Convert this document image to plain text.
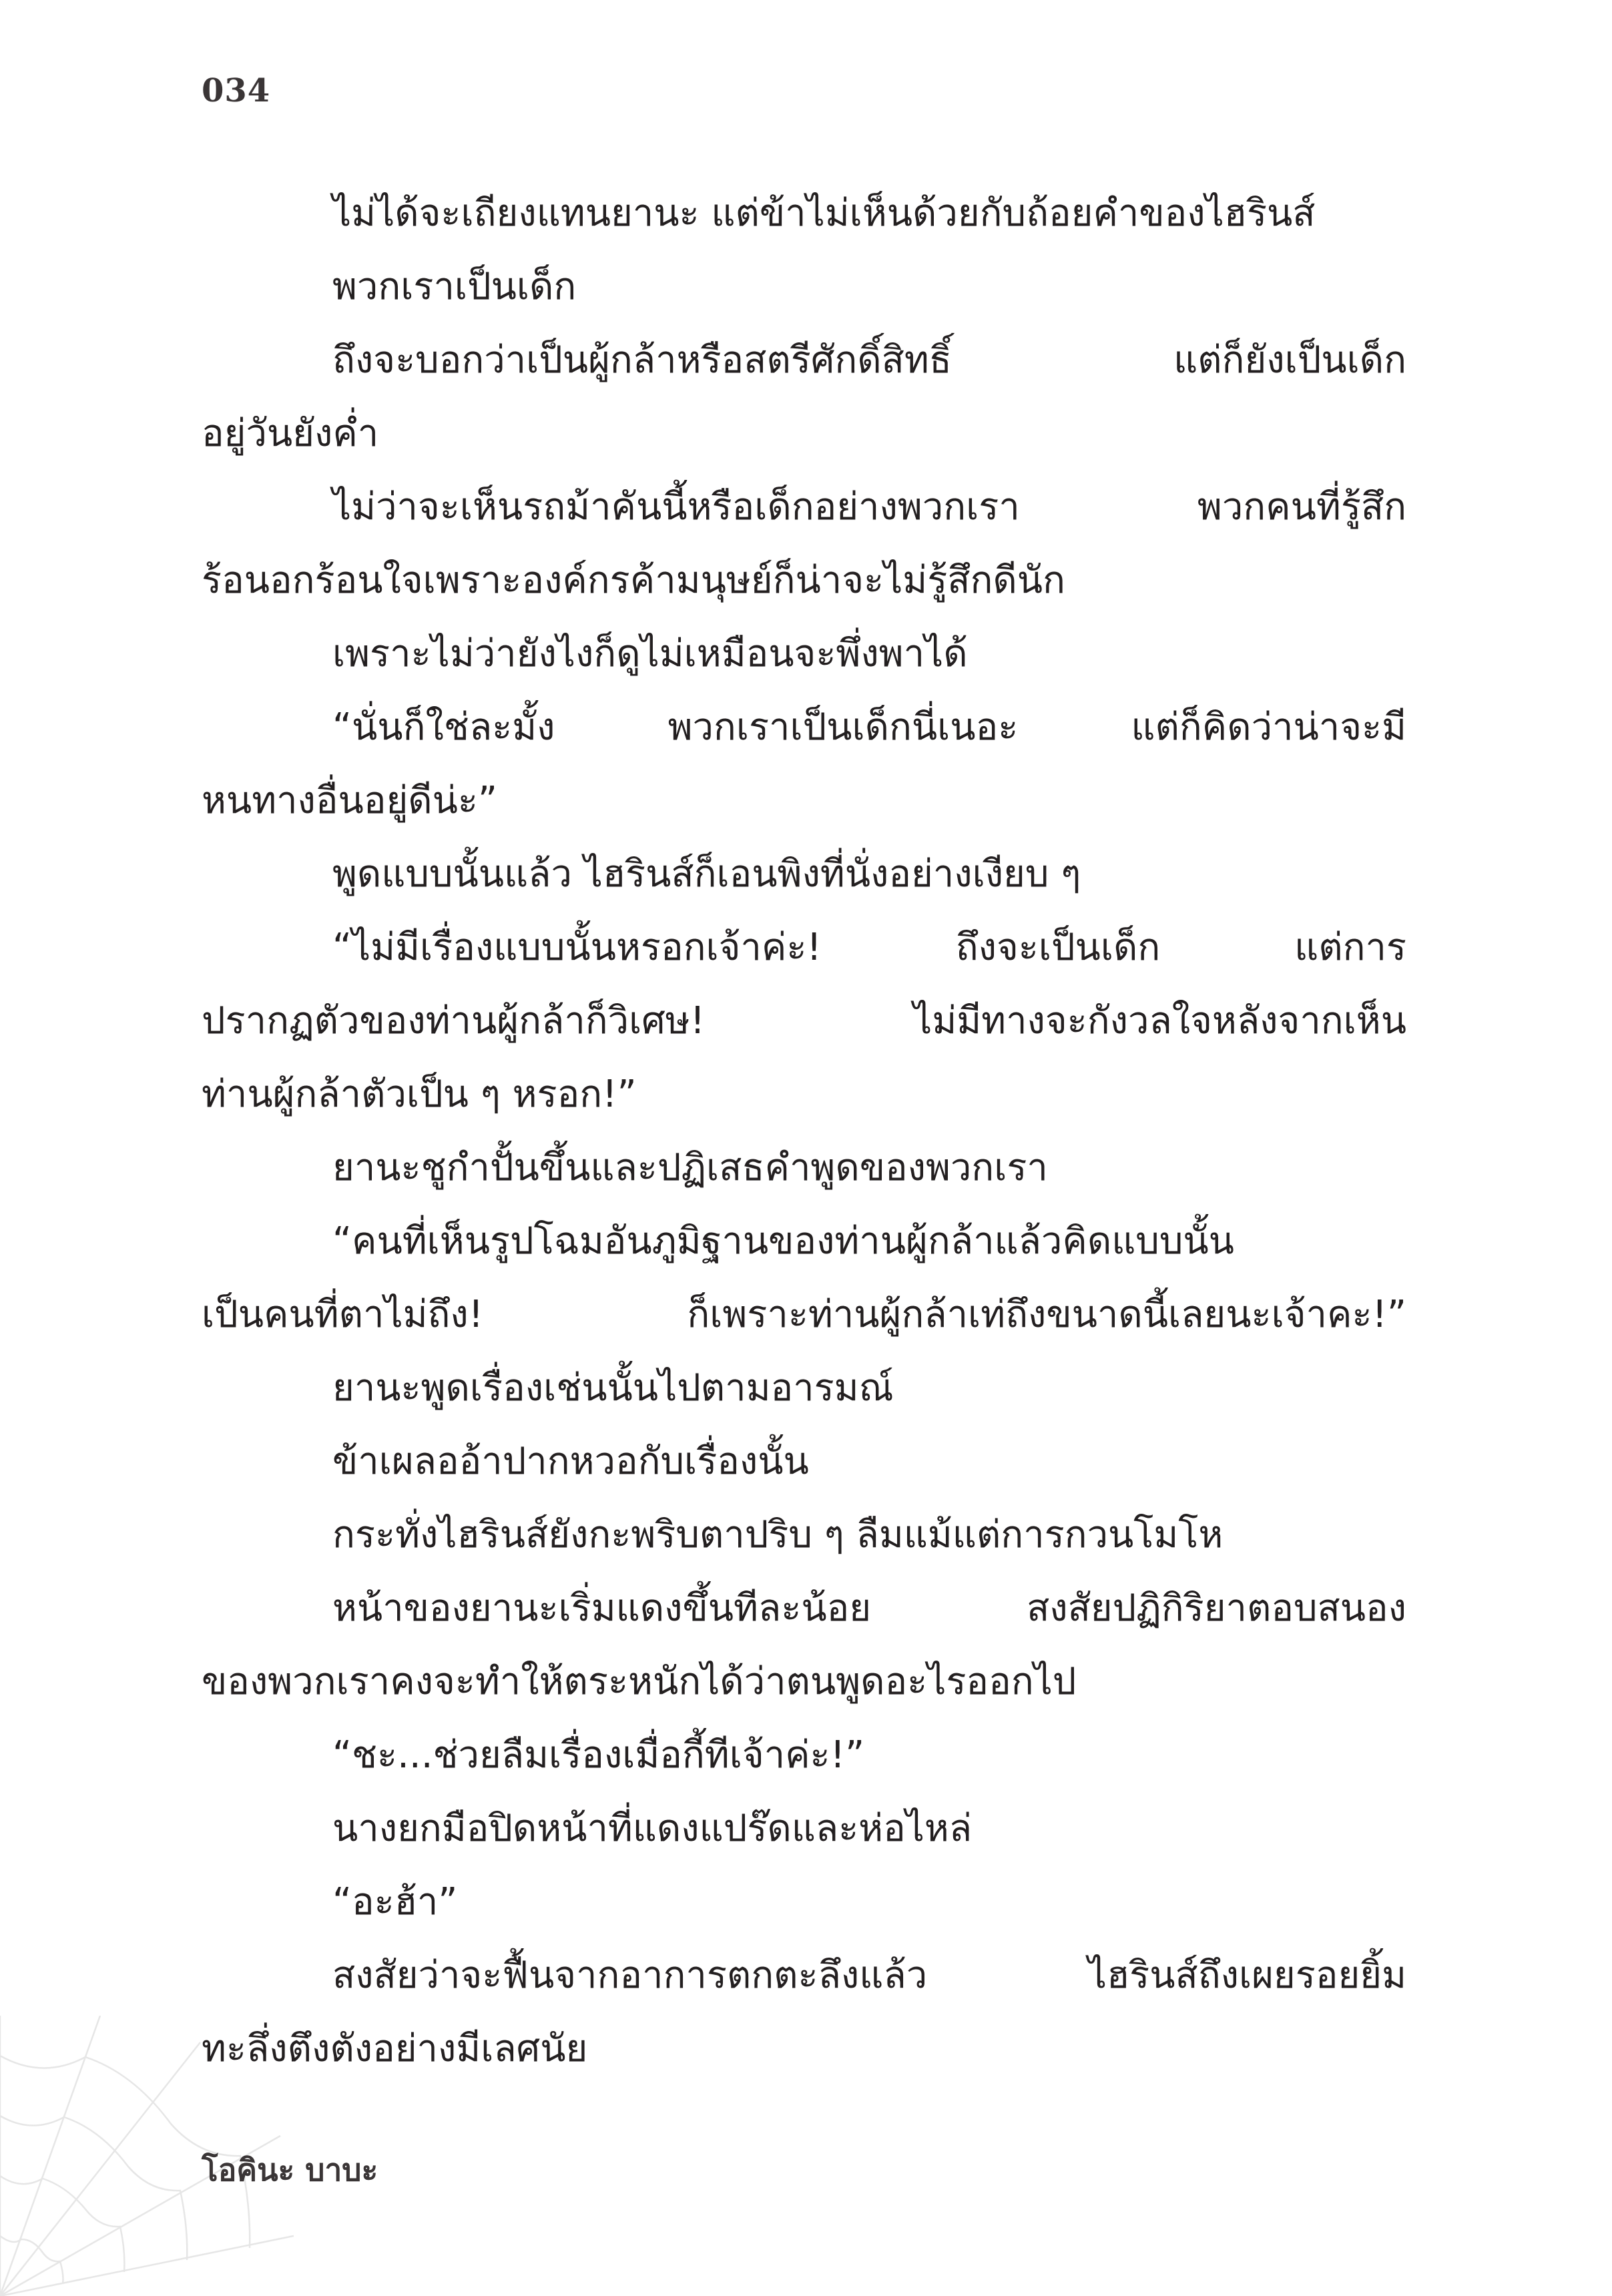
034
ไม่ได้จะเถียงแทนยานะ แต่ข้าไม่เห็นด้วยกับถ้อยคำของไฮรินส์
พวกเราเป็นเด็ก
ถึงจะบอกว่าเป็นผู้กล้าหรือสตรีศักดิ์สิทธิ์ แต่ก็ยังเป็นเด็ก
อยู่วันยังค่ำ
ไม่ว่าจะเห็นรถม้าคันนี้หรือเด็กอย่างพวกเรา พวกคนที่รู้สึก
ร้อนอกร้อนใจเพราะองค์กรค้ามนุษย์ก็น่าจะไม่รู้สึกดีนัก
เพราะไม่ว่ายังไงก็ดูไม่เหมือนจะพึ่งพาได้
“นั่นก็ใช่ละมั้ง พวกเราเป็นเด็กนี่เนอะ แต่ก็คิดว่าน่าจะมี
หนทางอื่นอยู่ดีน่ะ”
พูดแบบนั้นแล้ว ไฮรินส์ก็เอนพิงที่นั่งอย่างเงียบ ๆ
“ไม่มีเรื่องแบบนั้นหรอกเจ้าค่ะ! ถึงจะเป็นเด็ก แต่การ
ปรากฏตัวของท่านผู้กล้าก็วิเศษ! ไม่มีทางจะกังวลใจหลังจากเห็น
ท่านผู้กล้าตัวเป็น ๆ หรอก!”
ยานะชูกำปั้นขึ้นและปฏิเสธคำพูดของพวกเรา
“คนที่เห็นรูปโฉมอันภูมิฐานของท่านผู้กล้าแล้วคิดแบบนั้น
เป็นคนที่ตาไม่ถึง! ก็เพราะท่านผู้กล้าเท่ถึงขนาดนี้เลยนะเจ้าคะ!”
ยานะพูดเรื่องเช่นนั้นไปตามอารมณ์
ข้าเผลออ้าปากหวอกับเรื่องนั้น
กระทั่งไฮรินส์ยังกะพริบตาปริบ ๆ ลืมแม้แต่การกวนโมโห
หน้าของยานะเริ่มแดงขึ้นทีละน้อย สงสัยปฏิกิริยาตอบสนอง
ของพวกเราคงจะทำให้ตระหนักได้ว่าตนพูดอะไรออกไป
“ชะ...ช่วยลืมเรื่องเมื่อกี้ทีเจ้าค่ะ!”
นางยกมือปิดหน้าที่แดงแปร๊ดและห่อไหล่
“อะฮ้า”
สงสัยว่าจะฟื้นจากอาการตกตะลึงแล้ว ไฮรินส์ถึงเผยรอยยิ้ม
ทะลึ่งตึงตังอย่างมีเลศนัย
โอคินะ บาบะ
